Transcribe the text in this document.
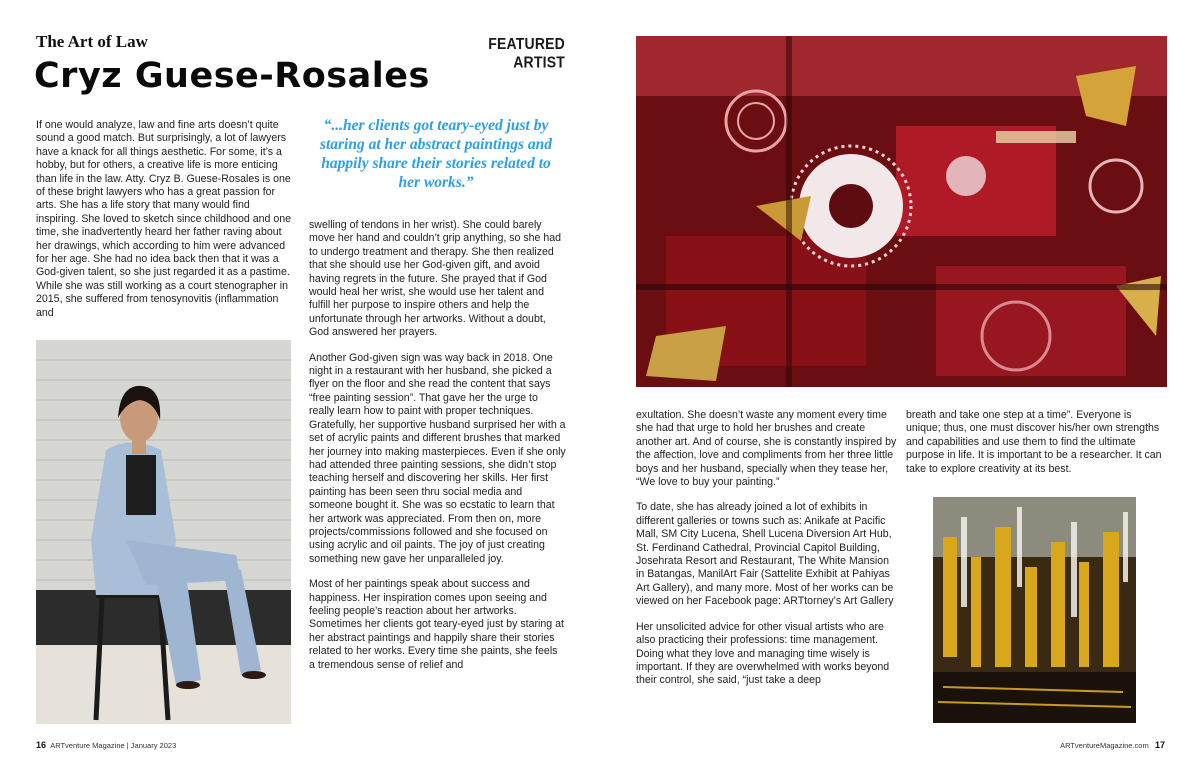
The Art of Law	FEATURED ARTIST
Cryz Guese-Rosales

If one would analyze, law and fine arts doesn’t quite sound a good match. But surprisingly, a lot of lawyers have a knack for all things aesthetic. For some, it’s a hobby, but for others, a creative life is more enticing than life in the law. Atty. Cryz B. Guese-Rosales is one of these bright lawyers who has a great passion for arts. She has a life story that many would find inspiring. She loved to sketch since childhood and one time, she inadvertently heard her father raving about her drawings, which according to him were advanced for her age. She had no idea back then that it was a God-given talent, so she just regarded it as a pastime. While she was still working as a court stenographer in 2015, she suffered from tenosynovitis (inflammation and

“...her clients got teary-eyed just by staring at her abstract paintings and happily share their stories related to her works.”

swelling of tendons in her wrist). She could barely move her hand and couldn’t grip anything, so she had to undergo treatment and therapy. She then realized that she should use her God-given gift, and avoid having regrets in the future. She prayed that if God would heal her wrist, she would use her talent and fulfill her purpose to inspire others and help the unfortunate through her artworks. Without a doubt, God answered her prayers.

Another God-given sign was way back in 2018. One night in a restaurant with her husband, she picked a flyer on the floor and she read the content that says “free painting session”. That gave her the urge to really learn how to paint with proper techniques. Gratefully, her supportive husband surprised her with a set of acrylic paints and different brushes that marked her journey into making masterpieces. Even if she only had attended three painting sessions, she didn’t stop teaching herself and discovering her skills. Her first painting has been seen thru social media and someone bought it. She was so ecstatic to learn that her artwork was appreciated. From then on, more projects/commissions followed and she focused on using acrylic and oil paints. The joy of just creating something new gave her unparalleled joy.

Most of her paintings speak about success and happiness. Her inspiration comes upon seeing and feeling people’s reaction about her artworks. Sometimes her clients got teary-eyed just by staring at her abstract paintings and happily share their stories related to her works. Every time she paints, she feels a tremendous sense of relief and

16 ARTventure Magazine | January 2023

exultation. She doesn’t waste any moment every time she had that urge to hold her brushes and create another art. And of course, she is constantly inspired by the affection, love and compliments from her three little boys and her husband, specially when they tease her, “We love to buy your painting.”

To date, she has already joined a lot of exhibits in different galleries or towns such as: Anikafe at Pacific Mall, SM City Lucena, Shell Lucena Diversion Art Hub, St. Ferdinand Cathedral, Provincial Capitol Building, Josehrata Resort and Restaurant, The White Mansion in Batangas, ManilArt Fair (Sattelite Exhibit at Pahiyas Art Gallery), and many more. Most of her works can be viewed on her Facebook page: ARTtorney’s Art Gallery

Her unsolicited advice for other visual artists who are also practicing their professions: time management. Doing what they love and managing time wisely is important. If they are overwhelmed with works beyond their control, she said, “just take a deep

breath and take one step at a time”. Everyone is unique; thus, one must discover his/her own strengths and capabilities and use them to find the ultimate purpose in life. It is important to be a researcher. It can take to explore creativity at its best.

ARTventureMagazine.com 17
